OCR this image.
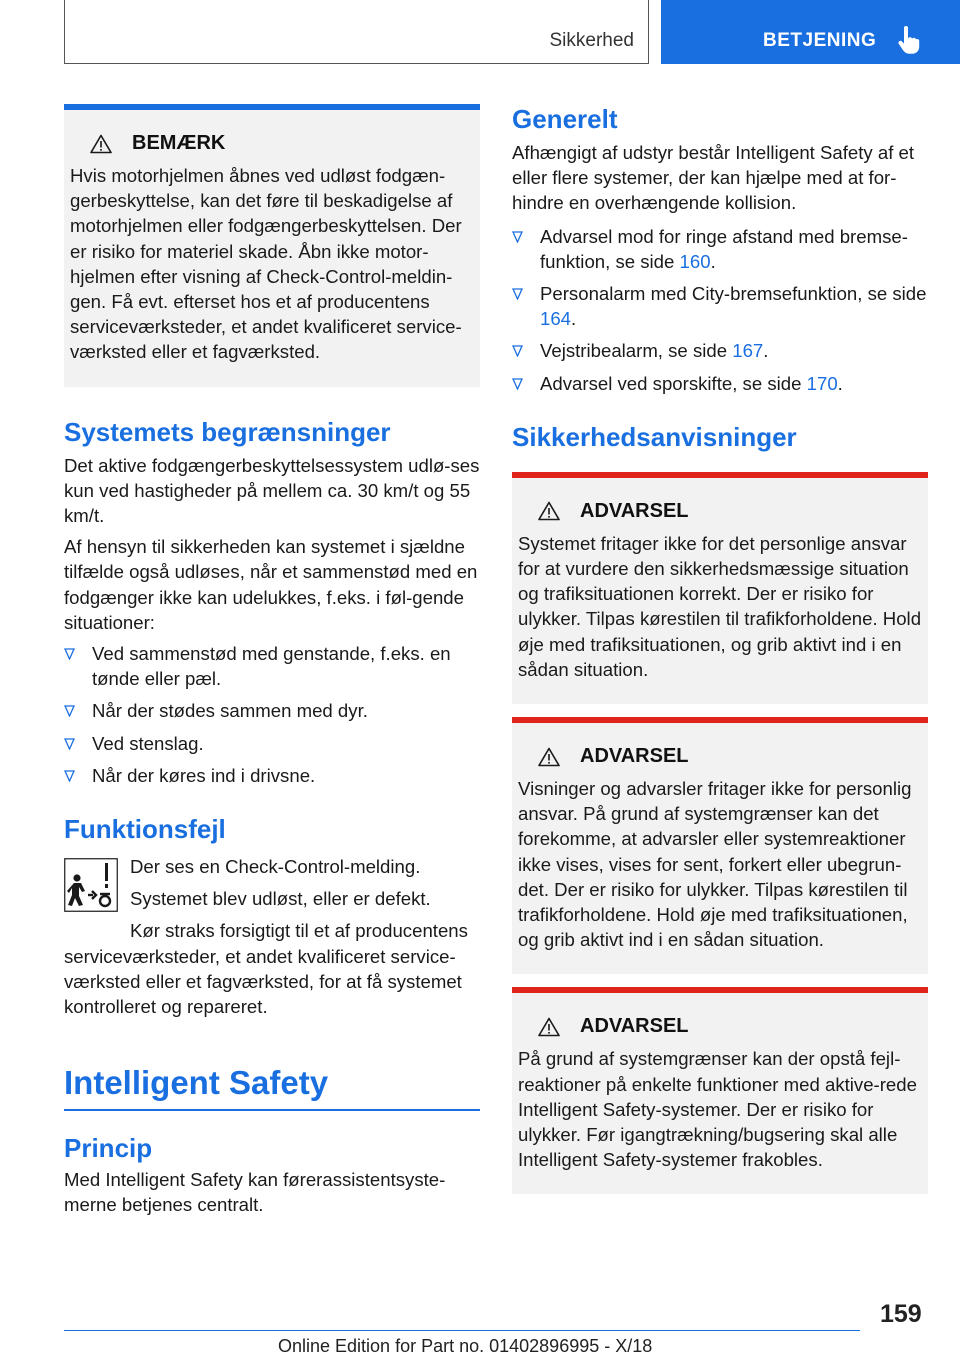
Sikkerhed	BETJENING
BEMÆRK

Hvis motorhjelmen åbnes ved udløst fodgæn-gerbeskyttelse, kan det føre til beskadigelse af motorhjelmen eller fodgængerbeskyttelsen. Der er risiko for materiel skade. Åbn ikke motor-hjelmen efter visning af Check-Control-meldin-gen. Få evt. efterset hos et af producentens serviceværksteder, et andet kvalificeret service-værksted eller et fagværksted.

Systemets begrænsninger

Det aktive fodgængerbeskyttelsessystem udlø-ses kun ved hastigheder på mellem ca. 30 km/t og 55 km/t.

Af hensyn til sikkerheden kan systemet i sjældne tilfælde også udløses, når et sammenstød med en fodgænger ikke kan udelukkes, f.eks. i føl-gende situationer:

Ved sammenstød med genstande, f.eks. en tønde eller pæl.
Når der stødes sammen med dyr.
Ved stenslag.
Når der køres ind i drivsne.
Funktionsfejl

Der ses en Check-Control-melding.

Systemet blev udløst, eller er defekt.

Kør straks forsigtigt til et af producentens serviceværksteder, et andet kvalificeret service-værksted eller et fagværksted, for at få systemet kontrolleret og repareret.

Intelligent Safety
Princip

Med Intelligent Safety kan førerassistentsyste-merne betjenes centralt.

Generelt

Afhængigt af udstyr består Intelligent Safety af et eller flere systemer, der kan hjælpe med at for-hindre en overhængende kollision.

Advarsel mod for ringe afstand med bremse-funktion, se side 160.
Personalarm med City-bremsefunktion, se side 164.
Vejstribealarm, se side 167.
Advarsel ved sporskifte, se side 170.
Sikkerhedsanvisninger
ADVARSEL

Systemet fritager ikke for det personlige ansvar for at vurdere den sikkerhedsmæssige situation og trafiksituationen korrekt. Der er risiko for ulykker. Tilpas kørestilen til trafikforholdene. Hold øje med trafiksituationen, og grib aktivt ind i en sådan situation.

ADVARSEL

Visninger og advarsler fritager ikke for personlig ansvar. På grund af systemgrænser kan det forekomme, at advarsler eller systemreaktioner ikke vises, vises for sent, forkert eller ubegrun-det. Der er risiko for ulykker. Tilpas kørestilen til trafikforholdene. Hold øje med trafiksituationen, og grib aktivt ind i en sådan situation.

ADVARSEL

På grund af systemgrænser kan der opstå fejl-reaktioner på enkelte funktioner med aktive-rede Intelligent Safety-systemer. Der er risiko for ulykker. Før igangtrækning/bugsering skal alle Intelligent Safety-systemer frakobles.

159
Online Edition for Part no. 01402896995 - X/18
